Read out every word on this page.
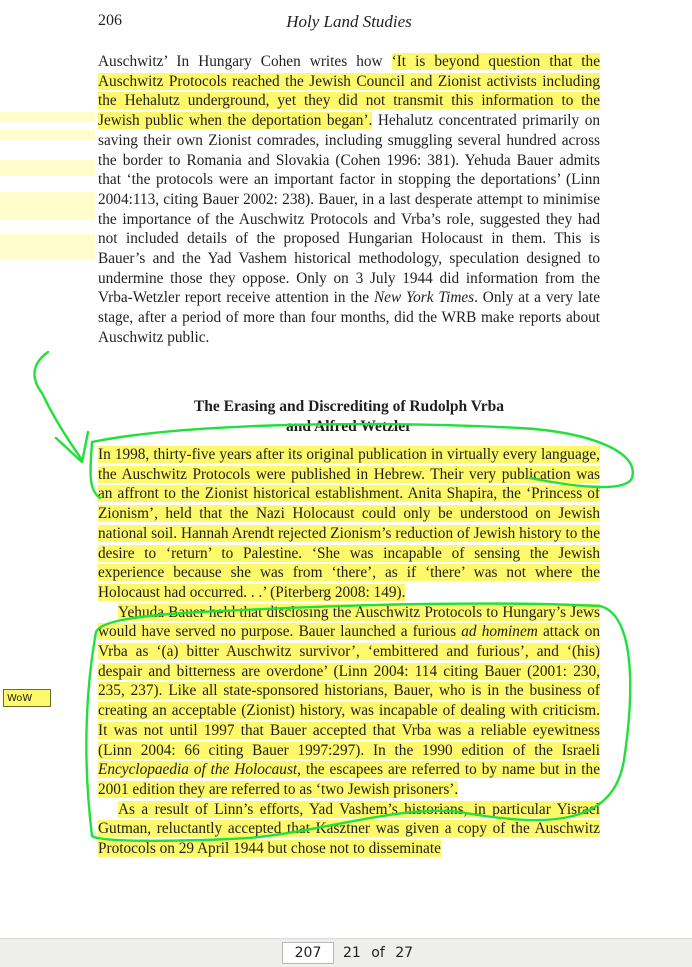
206	Holy Land Studies

Auschwitz’ In Hungary Cohen writes how ‘It is beyond question that the Auschwitz Protocols reached the Jewish Council and Zionist activists including the Hehalutz underground, yet they did not transmit this information to the Jewish public when the deportation began’. Hehalutz concentrated primarily on saving their own Zionist comrades, including smuggling several hundred across the border to Romania and Slovakia (Cohen 1996: 381). Yehuda Bauer admits that ‘the protocols were an important factor in stopping the deportations’ (Linn 2004:113, citing Bauer 2002: 238). Bauer, in a last desperate attempt to minimise the importance of the Auschwitz Protocols and Vrba’s role, suggested they had not included details of the proposed Hungarian Holocaust in them. This is Bauer’s and the Yad Vashem historical methodology, speculation designed to undermine those they oppose. Only on 3 July 1944 did information from the Vrba-Wetzler report receive attention in the New York Times. Only at a very late stage, after a period of more than four months, did the WRB make reports about Auschwitz public.

The Erasing and Discrediting of Rudolph Vrba
and Alfred Wetzler

In 1998, thirty-five years after its original publication in virtually every language, the Auschwitz Protocols were published in Hebrew. Their very publication was an affront to the Zionist historical establishment. Anita Shapira, the ‘Princess of Zionism’, held that the Nazi Holocaust could only be understood on Jewish national soil. Hannah Arendt rejected Zionism’s reduction of Jewish history to the desire to ‘return’ to Palestine. ‘She was incapable of sensing the Jewish experience because she was from ‘there’, as if ‘there’ was not where the Holocaust had occurred. . .’ (Piterberg 2008: 149).

Yehuda Bauer held that disclosing the Auschwitz Protocols to Hungary’s Jews would have served no purpose. Bauer launched a furious ad hominem attack on Vrba as ‘(a) bitter Auschwitz survivor’, ‘embittered and furious’, and ‘(his) despair and bitterness are overdone’ (Linn 2004: 114 citing Bauer (2001: 230, 235, 237). Like all state-sponsored historians, Bauer, who is in the business of creating an acceptable (Zionist) history, was incapable of dealing with criticism. It was not until 1997 that Bauer accepted that Vrba was a reliable eyewitness (Linn 2004: 66 citing Bauer 1997:297). In the 1990 edition of the Israeli Encyclopaedia of the Holocaust, the escapees are referred to by name but in the 2001 edition they are referred to as ‘two Jewish prisoners’.

As a result of Linn’s efforts, Yad Vashem’s historians, in particular Yisrael Gutman, reluctantly accepted that Kasztner was given a copy of the Auschwitz Protocols on 29 April 1944 but chose not to disseminate

WoW
207	21 of 27
